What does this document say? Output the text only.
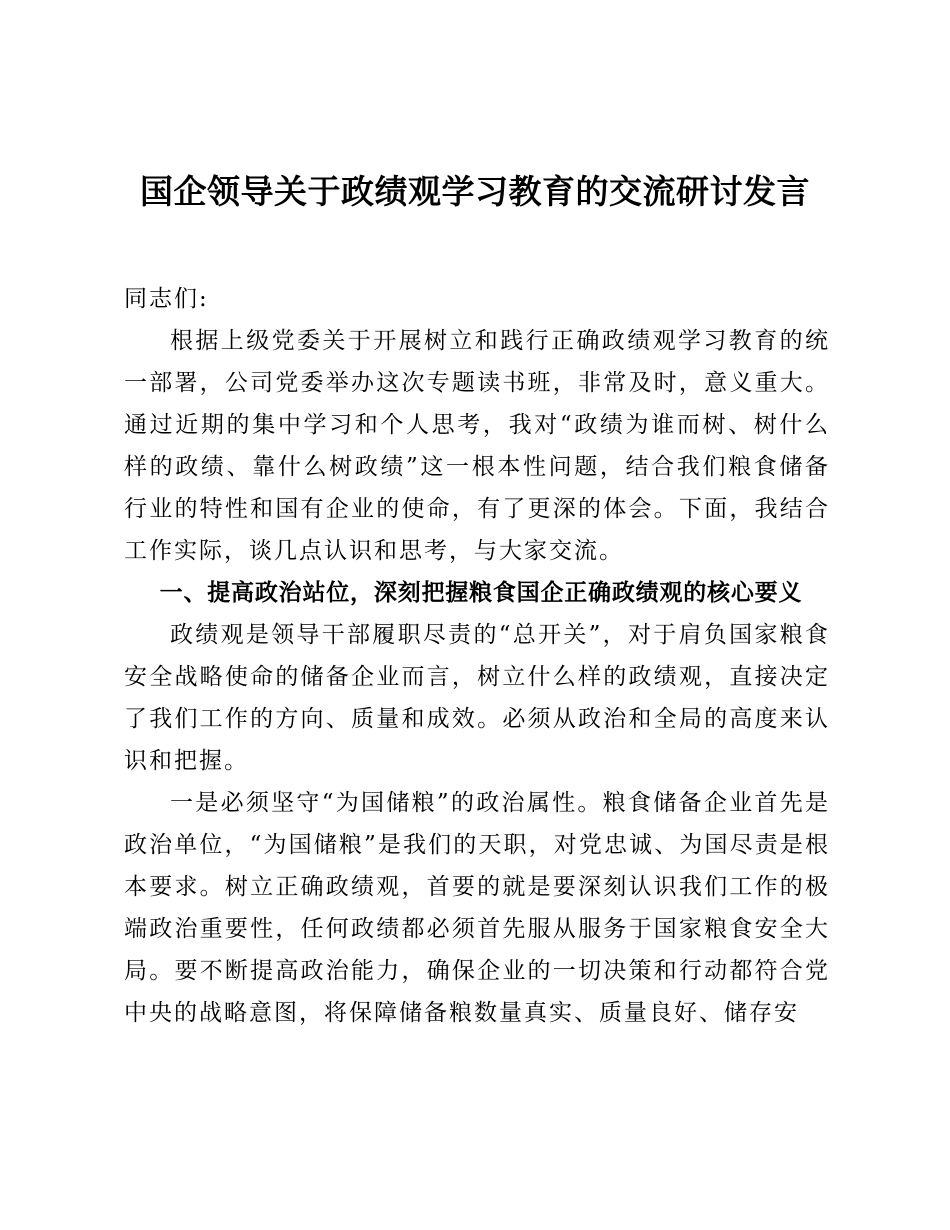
国企领导关于政绩观学习教育的交流研讨发言

同志们:

根据上级党委关于开展树立和践行正确政绩观学习教育的统一部署，公司党委举办这次专题读书班，非常及时，意义重大。通过近期的集中学习和个人思考，我对“政绩为谁而树、树什么样的政绩、靠什么树政绩”这一根本性问题，结合我们粮食储备行业的特性和国有企业的使命，有了更深的体会。下面，我结合工作实际，谈几点认识和思考，与大家交流。

一、提高政治站位，深刻把握粮食国企正确政绩观的核心要义

政绩观是领导干部履职尽责的“总开关”，对于肩负国家粮食安全战略使命的储备企业而言，树立什么样的政绩观，直接决定了我们工作的方向、质量和成效。必须从政治和全局的高度来认识和把握。

一是必须坚守“为国储粮”的政治属性。粮食储备企业首先是政治单位，“为国储粮”是我们的天职，对党忠诚、为国尽责是根本要求。树立正确政绩观，首要的就是要深刻认识我们工作的极端政治重要性，任何政绩都必须首先服从服务于国家粮食安全大局。要不断提高政治能力，确保企业的一切决策和行动都符合党中央的战略意图，将保障储备粮数量真实、质量良好、储存安
